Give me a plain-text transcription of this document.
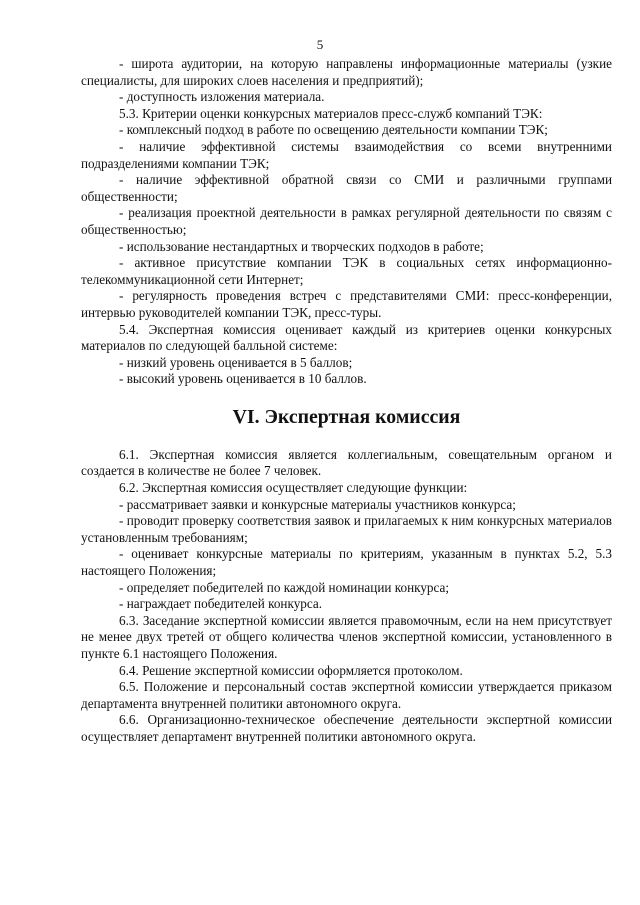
5

- широта аудитории, на которую направлены информационные материалы (узкие специалисты, для широких слоев населения и предприятий);

- доступность изложения материала.

5.3. Критерии оценки конкурсных материалов пресс-служб компаний ТЭК:

- комплексный подход в работе по освещению деятельности компании ТЭК;

- наличие эффективной системы взаимодействия со всеми внутренними подразделениями компании ТЭК;

- наличие эффективной обратной связи со СМИ и различными группами общественности;

- реализация проектной деятельности в рамках регулярной деятельности по связям с общественностью;

- использование нестандартных и творческих подходов в работе;

- активное присутствие компании ТЭК в социальных сетях информационно-телекоммуникационной сети Интернет;

- регулярность проведения встреч с представителями СМИ: пресс-конференции, интервью руководителей компании ТЭК, пресс-туры.

5.4. Экспертная комиссия оценивает каждый из критериев оценки конкурсных материалов по следующей балльной системе:

- низкий уровень оценивается в 5 баллов;

- высокий уровень оценивается в 10 баллов.

VI. Экспертная комиссия

6.1. Экспертная комиссия является коллегиальным, совещательным органом и создается в количестве не более 7 человек.

6.2. Экспертная комиссия осуществляет следующие функции:

- рассматривает заявки и конкурсные материалы участников конкурса;

- проводит проверку соответствия заявок и прилагаемых к ним конкурсных материалов установленным требованиям;

- оценивает конкурсные материалы по критериям, указанным в пунктах 5.2, 5.3 настоящего Положения;

- определяет победителей по каждой номинации конкурса;

- награждает победителей конкурса.

6.3. Заседание экспертной комиссии является правомочным, если на нем присутствует не менее двух третей от общего количества членов экспертной комиссии, установленного в пункте 6.1 настоящего Положения.

6.4. Решение экспертной комиссии оформляется протоколом.

6.5. Положение и персональный состав экспертной комиссии утверждается приказом департамента внутренней политики автономного округа.

6.6. Организационно-техническое обеспечение деятельности экспертной комиссии осуществляет департамент внутренней политики автономного округа.
